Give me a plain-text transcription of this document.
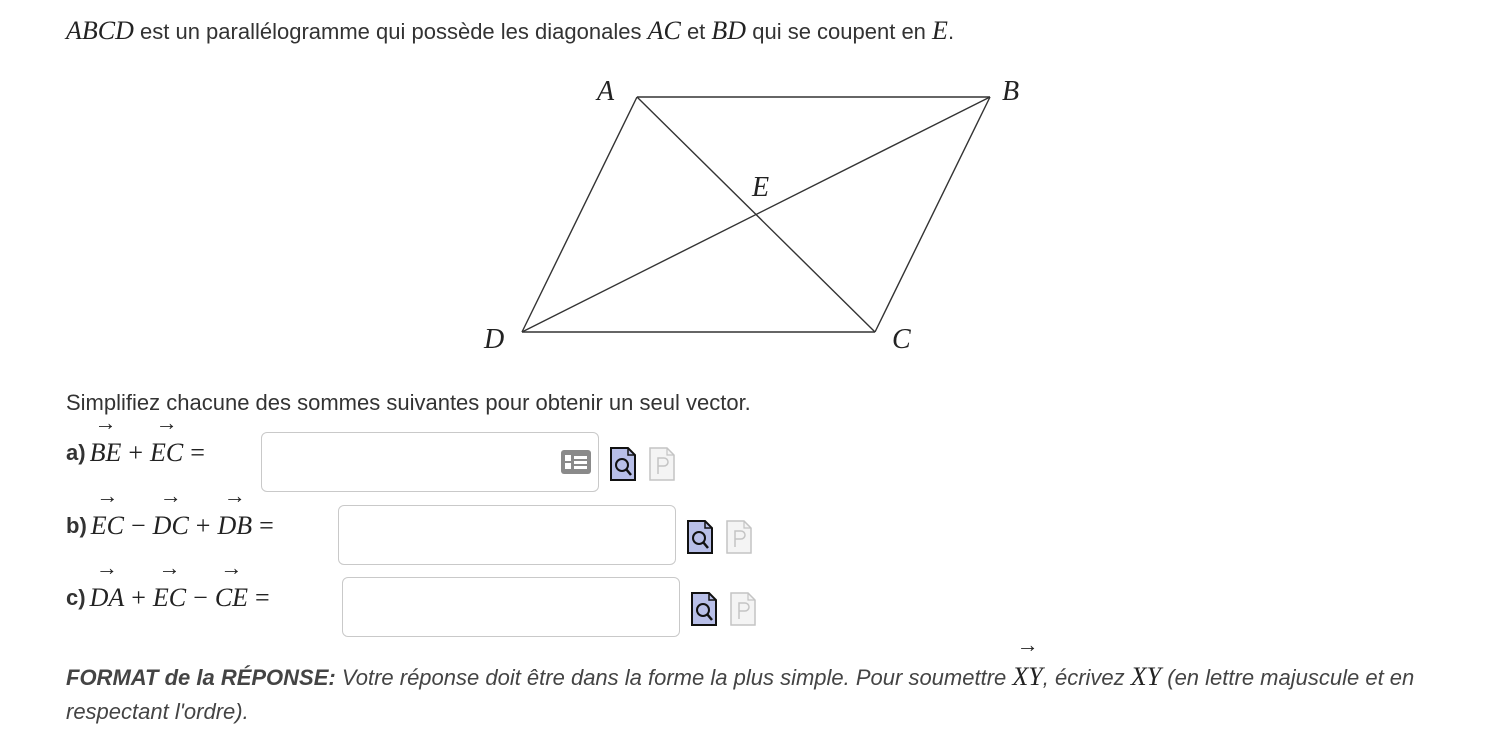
ABCD est un parallélogramme qui possède les diagonales AC et BD qui se coupent en E.
A	B
C
D
E
Simplifiez chacune des sommes suivantes pour obtenir un seul vector.
a)
→
BE +
→
EC =
b)
→
EC −
→
DC +
→
DB =
c)
→
DA +
→
EC −
→
CE =
FORMAT de la RÉPONSE: Votre réponse doit être dans la forme la plus simple. Pour soumettre
→
XY, écrivez XY (en lettre majuscule et en respectant l'ordre).
